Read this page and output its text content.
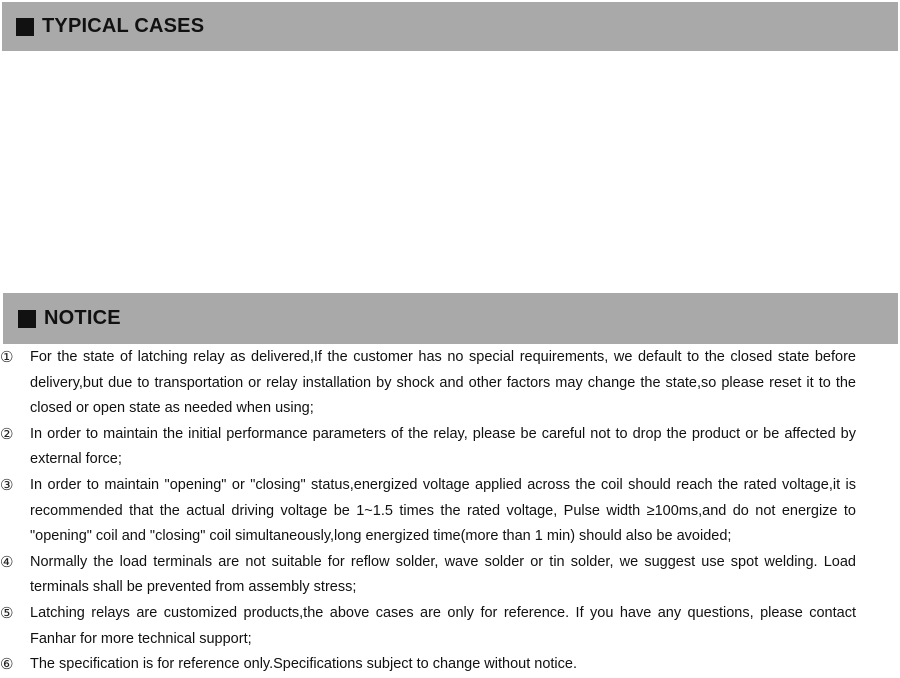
TYPICAL CASES
NOTICE
①	For the state of latching relay as delivered,If the customer has no special requirements, we default to the closed state before delivery,but due to transportation or relay installation by shock and other factors may change the state,so please reset it to the closed or open state as needed when using;
②	In order to maintain the initial performance parameters of the relay, please be careful not to drop the product or be affected by external force;
③	In order to maintain "opening" or "closing" status,energized voltage applied across the coil should reach the rated voltage,it is recommended that the actual driving voltage be 1~1.5 times the rated voltage, Pulse width ≥100ms,and do not energize to "opening" coil and "closing" coil simultaneously,long energized time(more than 1 min) should also be avoided;
④	Normally the load terminals are not suitable for reflow solder, wave solder or tin solder, we suggest use spot welding. Load terminals shall be prevented from assembly stress;
⑤	Latching relays are customized products,the above cases are only for reference. If you have any questions, please contact Fanhar for more technical support;
⑥	The specification is for reference only.Specifications subject to change without notice.
